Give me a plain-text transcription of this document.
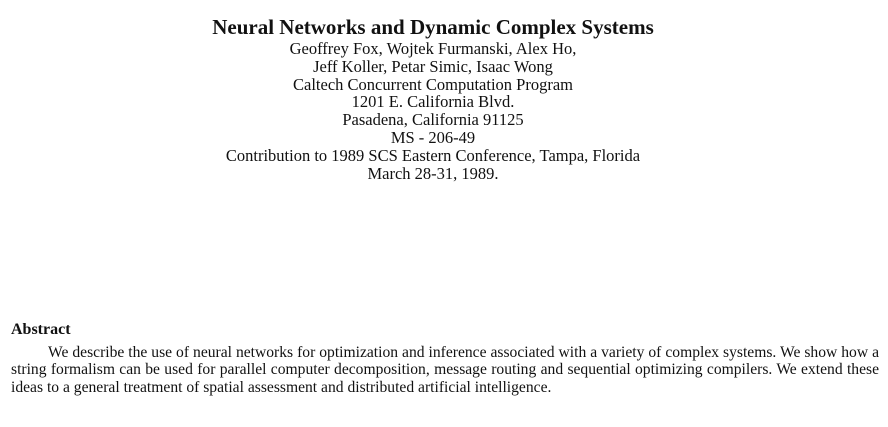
Neural Networks and Dynamic Complex Systems

Geoffrey Fox, Wojtek Furmanski, Alex Ho,

Jeff Koller, Petar Simic, Isaac Wong

Caltech Concurrent Computation Program

1201 E. California Blvd.

Pasadena, California 91125

MS - 206-49

Contribution to 1989 SCS Eastern Conference, Tampa, Florida

March 28-31, 1989.

Abstract

We describe the use of neural networks for optimization and inference associated with a variety of complex systems. We show how a string formalism can be used for parallel computer decomposition, message routing and sequential optimizing compilers. We extend these ideas to a general treatment of spatial assessment and distributed artificial intelligence.
